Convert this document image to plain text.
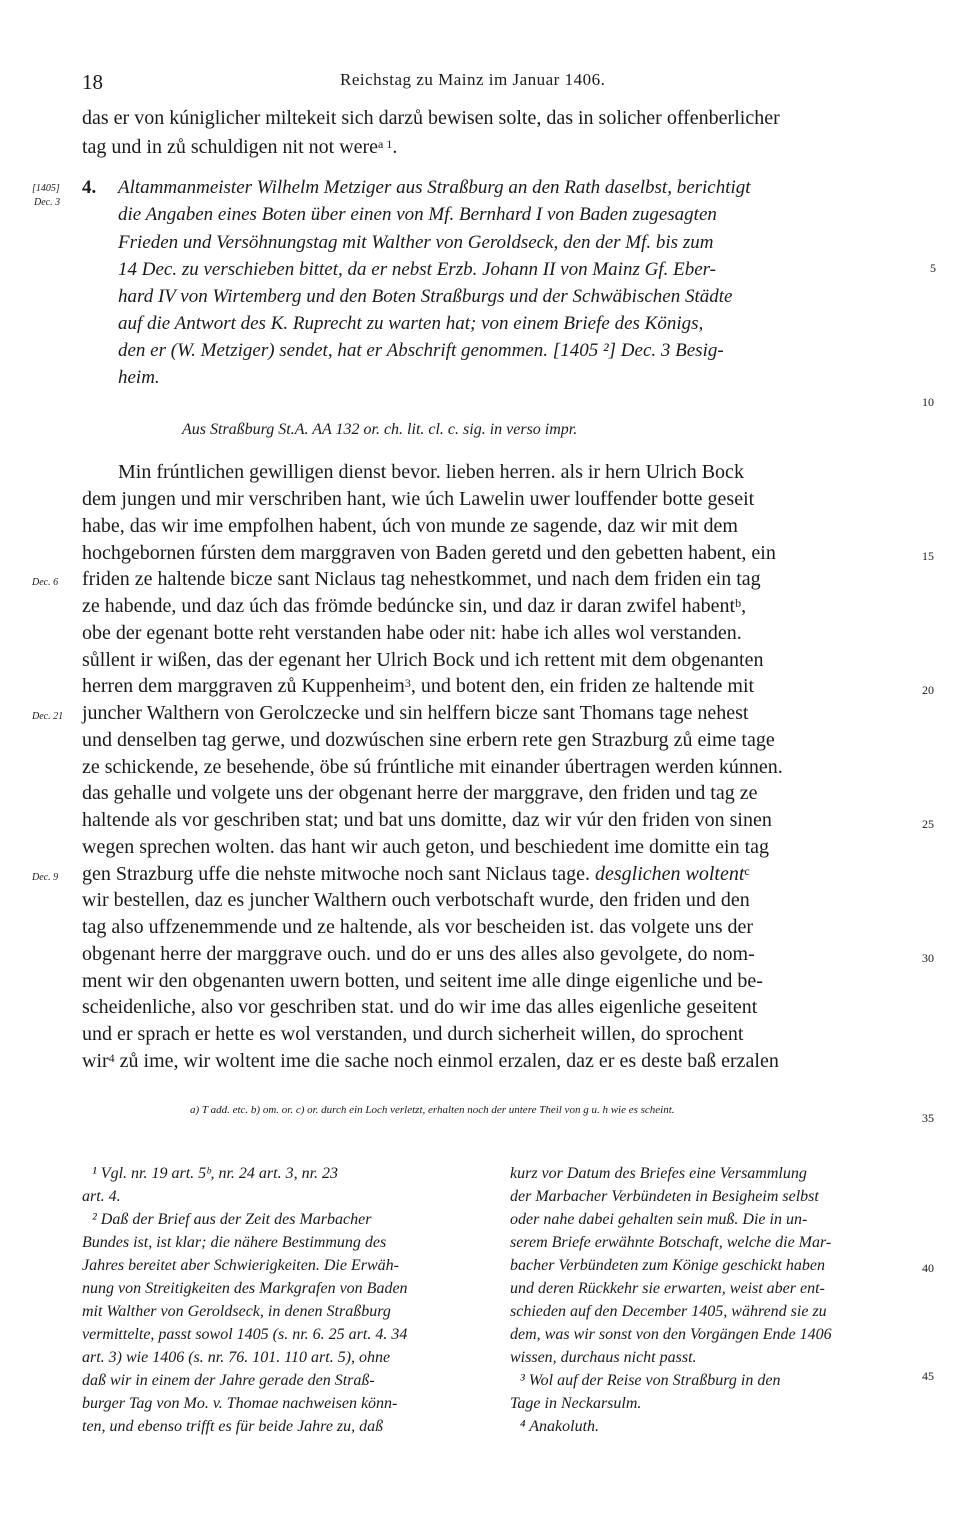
18	Reichstag zu Mainz im Januar 1406.
das er von kúniglicher miltekeit sich darzů bewisen solte, das in solicher offenberlicher
tag und in zů schuldigen nit not were$^{a 1}$.
[1405]
Dec. 3
4. Altammanmeister Wilhelm Metziger aus Straßburg an den Rath daselbst, berichtigt
die Angaben eines Boten über einen von Mf. Bernhard I von Baden zugesagten
Frieden und Versöhnungstag mit Walther von Geroldseck, den der Mf. bis zum
14 Dec. zu verschieben bittet, da er nebst Erzb. Johann II von Mainz Gf. Eber-
hard IV von Wirtemberg und den Boten Straßburgs und der Schwäbischen Städte
auf die Antwort des K. Ruprecht zu warten hat; von einem Briefe des Königs,
den er (W. Metziger) sendet, hat er Abschrift genommen. [1405 ²] Dec. 3 Besig-
heim.
Aus Straßburg St.A. AA 132 or. ch. lit. cl. c. sig. in verso impr.
Min frúntlichen gewilligen dienst bevor. lieben herren. als ir hern Ulrich Bock
dem jungen und mir verschriben hant, wie úch Lawelin uwer louffender botte geseit
habe, das wir ime empfolhen habent, úch von munde ze sagende, daz wir mit dem
hochgebornen fúrsten dem marggraven von Baden geretd und den gebetten habent, ein
friden ze haltende bicze sant Niclaus tag nehestkommet, und nach dem friden ein tag
ze habende, und daz úch das frömde bedúncke sin, und daz ir daran zwifel habent$^b$,
obe der egenant botte reht verstanden habe oder nit: habe ich alles wol verstanden.
sůllent ir wißen, das der egenant her Ulrich Bock und ich rettent mit dem obgenanten
herren dem marggraven zů Kuppenheim$^3$, und botent den, ein friden ze haltende mit
juncher Walthern von Gerolczecke und sin helffern bicze sant Thomans tage nehest
und denselben tag gerwe, und dozwúschen sine erbern rete gen Strazburg zů eime tage
ze schickende, ze besehende, öbe sú frúntliche mit einander úbertragen werden kúnnen.
das gehalle und volgete uns der obgenant herre der marggrave, den friden und tag ze
haltende als vor geschriben stat; und bat uns domitte, daz wir vúr den friden von sinen
wegen sprechen wolten. das hant wir auch geton, und beschiedent ime domitte ein tag
gen Strazburg uffe die nehste mitwoche noch sant Niclaus tage. desglichen woltent$^c$
wir bestellen, daz es juncher Walthern ouch verbotschaft wurde, den friden und den
tag also uffzenemmende und ze haltende, als vor bescheiden ist. das volgete uns der
obgenant herre der marggrave ouch. und do er uns des alles also gevolgete, do nom-
ment wir den obgenanten uwern botten, und seitent ime alle dinge eigenliche und be-
scheidenliche, also vor geschriben stat. und do wir ime das alles eigenliche geseitent
und er sprach er hette es wol verstanden, und durch sicherheit willen, do sprochent
wir$^4$ zů ime, wir woltent ime die sache noch einmol erzalen, daz er es deste baß erzalen
Dec. 6
Dec. 21
Dec. 9
5
10
15
20
25
30
35
40
45
a) T add. etc. b) om. or. c) or. durch ein Loch verletzt, erhalten noch der untere Theil von g u. h wie es scheint.
¹ Vgl. nr. 19 art. 5ᵇ, nr. 24 art. 3, nr. 23
art. 4.
² Daß der Brief aus der Zeit des Marbacher
Bundes ist, ist klar; die nähere Bestimmung des
Jahres bereitet aber Schwierigkeiten. Die Erwäh-
nung von Streitigkeiten des Markgrafen von Baden
mit Walther von Geroldseck, in denen Straßburg
vermittelte, passt sowol 1405 (s. nr. 6. 25 art. 4. 34
art. 3) wie 1406 (s. nr. 76. 101. 110 art. 5), ohne
daß wir in einem der Jahre gerade den Straß-
burger Tag von Mo. v. Thomae nachweisen könn-
ten, und ebenso trifft es für beide Jahre zu, daß
kurz vor Datum des Briefes eine Versammlung
der Marbacher Verbündeten in Besigheim selbst
oder nahe dabei gehalten sein muß. Die in un-
serem Briefe erwähnte Botschaft, welche die Mar-
bacher Verbündeten zum Könige geschickt haben
und deren Rückkehr sie erwarten, weist aber ent-
schieden auf den December 1405, während sie zu
dem, was wir sonst von den Vorgängen Ende 1406
wissen, durchaus nicht passt.
³ Wol auf der Reise von Straßburg in den
Tage in Neckarsulm.
⁴ Anakoluth.
